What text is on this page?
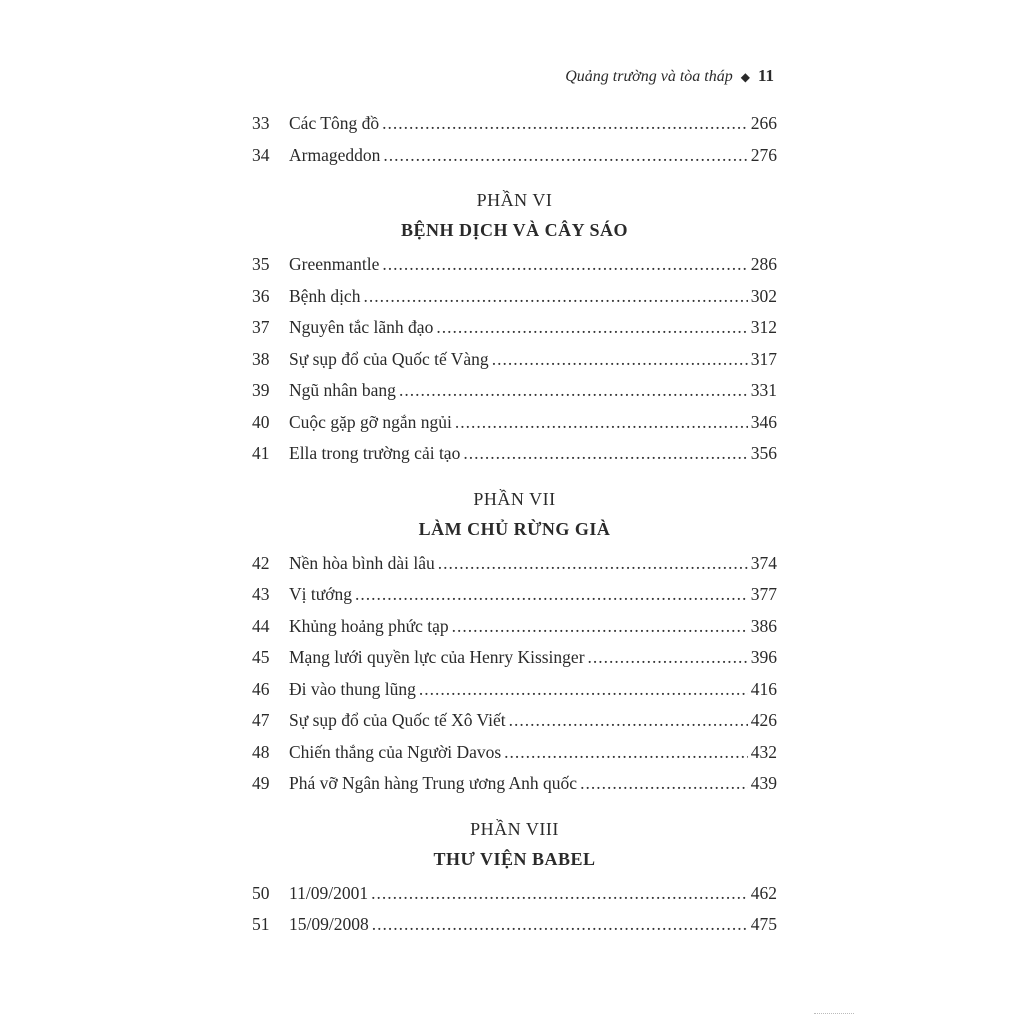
Quảng trường và tòa tháp ◆ 11
33	Các Tông đồ .....	266
34	Armageddon .....	276
PHẦN VI
BỆNH DỊCH VÀ CÂY SÁO
35	Greenmantle .....	286
36	Bệnh dịch .....	302
37	Nguyên tắc lãnh đạo .....	312
38	Sự sụp đổ của Quốc tế Vàng .....	317
39	Ngũ nhân bang .....	331
40	Cuộc gặp gỡ ngắn ngủi .....	346
41	Ella trong trường cải tạo .....	356
PHẦN VII
LÀM CHỦ RỪNG GIÀ
42	Nền hòa bình dài lâu .....	374
43	Vị tướng .....	377
44	Khủng hoảng phức tạp .....	386
45	Mạng lưới quyền lực của Henry Kissinger .....	396
46	Đi vào thung lũng .....	416
47	Sự sụp đổ của Quốc tế Xô Viết .....	426
48	Chiến thắng của Người Davos .....	432
49	Phá vỡ Ngân hàng Trung ương Anh quốc .....	439
PHẦN VIII
THƯ VIỆN BABEL
50	11/09/2001 .....	462
51	15/09/2008 .....	475
